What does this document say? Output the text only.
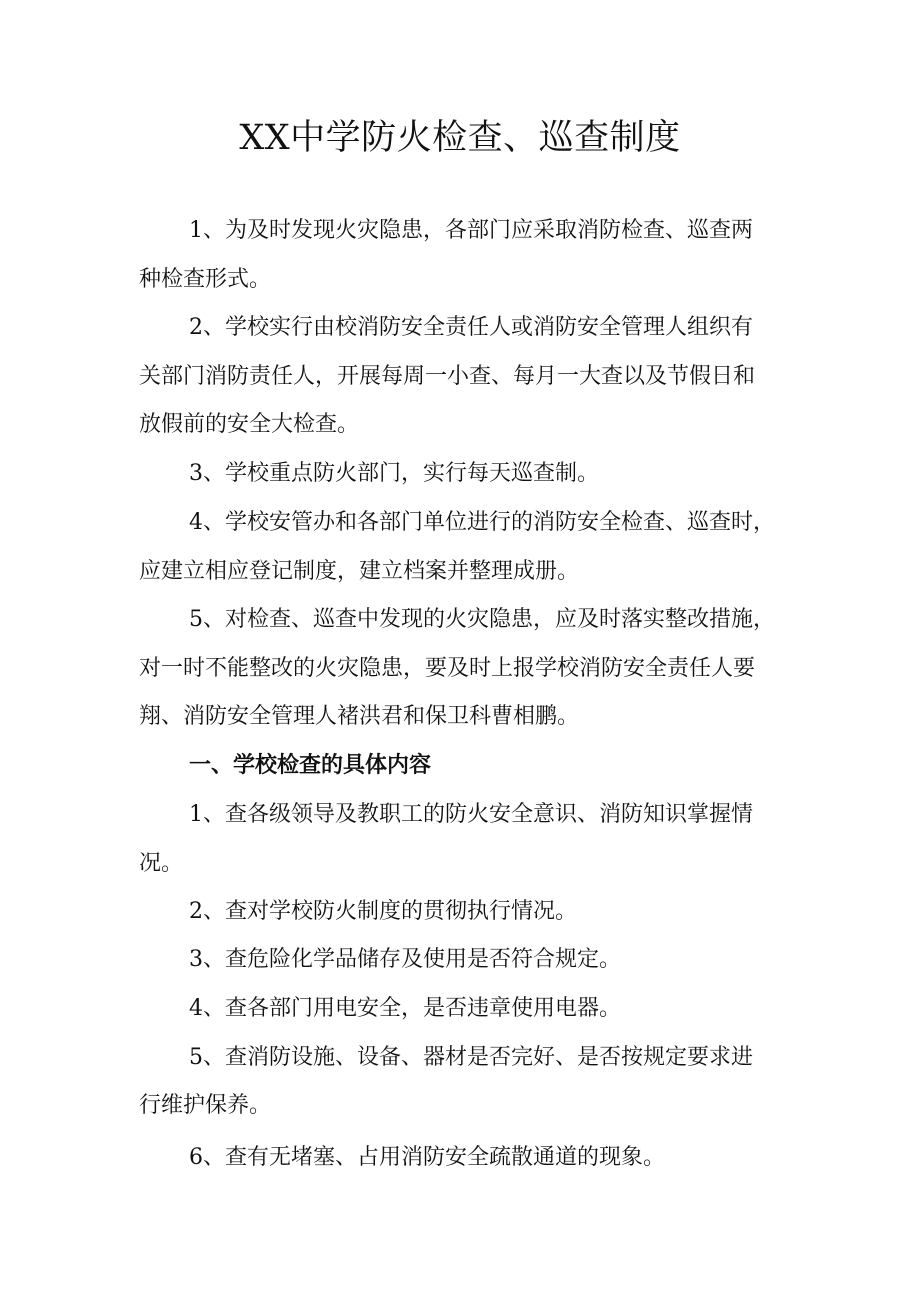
XX中学防火检查、巡查制度
1、为及时发现火灾隐患，各部门应采取消防检查、巡查两
种检查形式。
2、学校实行由校消防安全责任人或消防安全管理人组织有
关部门消防责任人，开展每周一小查、每月一大查以及节假日和
放假前的安全大检查。
3、学校重点防火部门，实行每天巡查制。
4、学校安管办和各部门单位进行的消防安全检查、巡查时，
应建立相应登记制度，建立档案并整理成册。
5、对检查、巡查中发现的火灾隐患，应及时落实整改措施，
对一时不能整改的火灾隐患，要及时上报学校消防安全责任人要
翔、消防安全管理人褚洪君和保卫科曹相鹏。
一、学校检查的具体内容
1、查各级领导及教职工的防火安全意识、消防知识掌握情
况。
2、查对学校防火制度的贯彻执行情况。
3、查危险化学品储存及使用是否符合规定。
4、查各部门用电安全，是否违章使用电器。
5、查消防设施、设备、器材是否完好、是否按规定要求进
行维护保养。
6、查有无堵塞、占用消防安全疏散通道的现象。
